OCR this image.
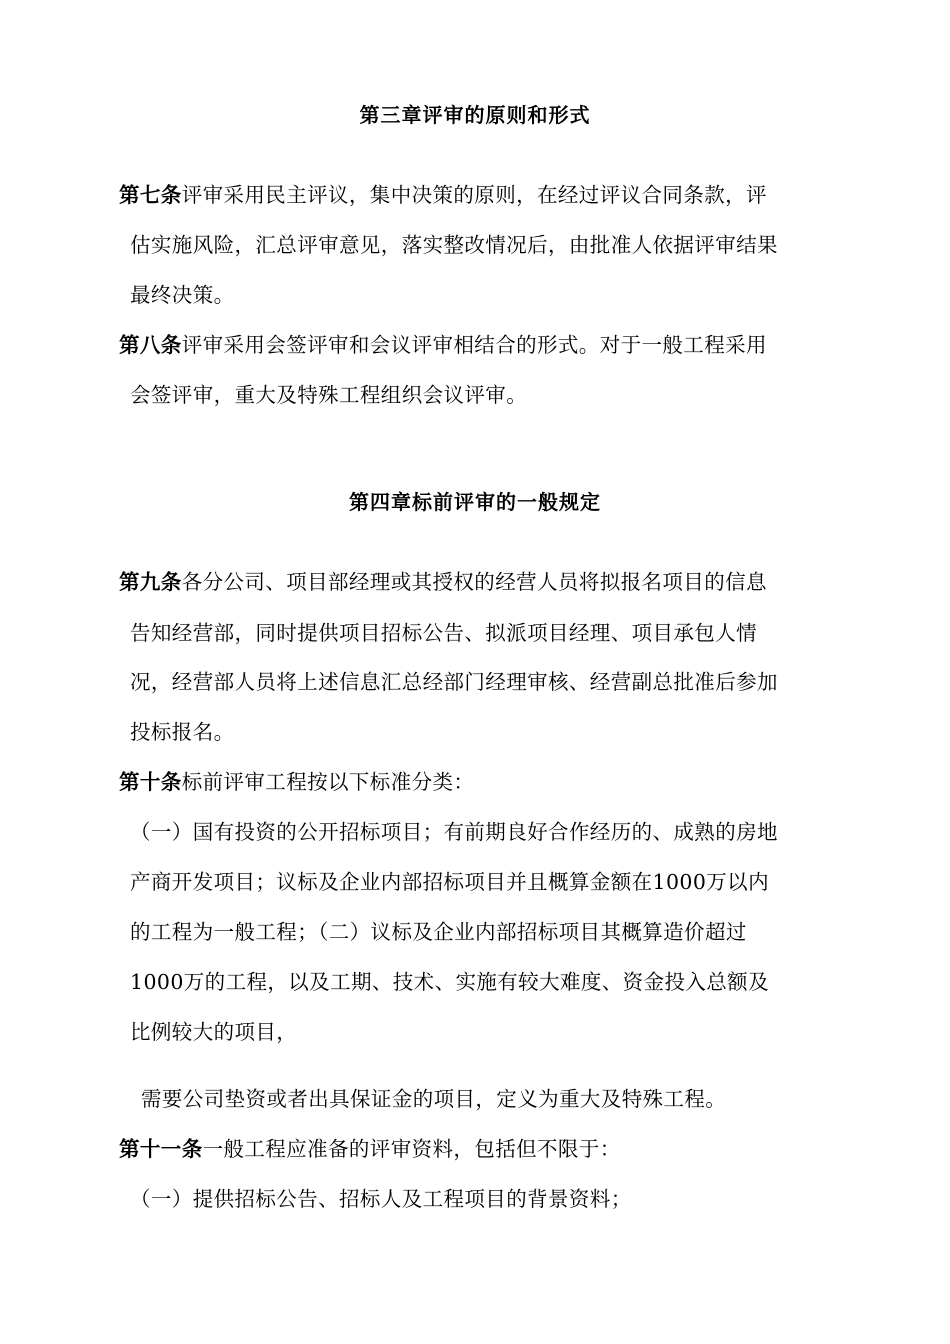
第三章评审的原则和形式
第七条评审采用民主评议，集中决策的原则，在经过评议合同条款，评
估实施风险，汇总评审意见，落实整改情况后，由批准人依据评审结果
最终决策。
第八条评审采用会签评审和会议评审相结合的形式。对于一般工程采用
会签评审，重大及特殊工程组织会议评审。
第四章标前评审的一般规定
第九条各分公司、项目部经理或其授权的经营人员将拟报名项目的信息
告知经营部，同时提供项目招标公告、拟派项目经理、项目承包人情
况，经营部人员将上述信息汇总经部门经理审核、经营副总批准后参加
投标报名。
第十条标前评审工程按以下标准分类：
（一）国有投资的公开招标项目；有前期良好合作经历的、成熟的房地
产商开发项目；议标及企业内部招标项目并且概算金额在1000万以内
的工程为一般工程；（二）议标及企业内部招标项目其概算造价超过
1000万的工程，以及工期、技术、实施有较大难度、资金投入总额及
比例较大的项目，
需要公司垫资或者出具保证金的项目，定义为重大及特殊工程。
第十一条一般工程应准备的评审资料，包括但不限于：
（一）提供招标公告、招标人及工程项目的背景资料；
